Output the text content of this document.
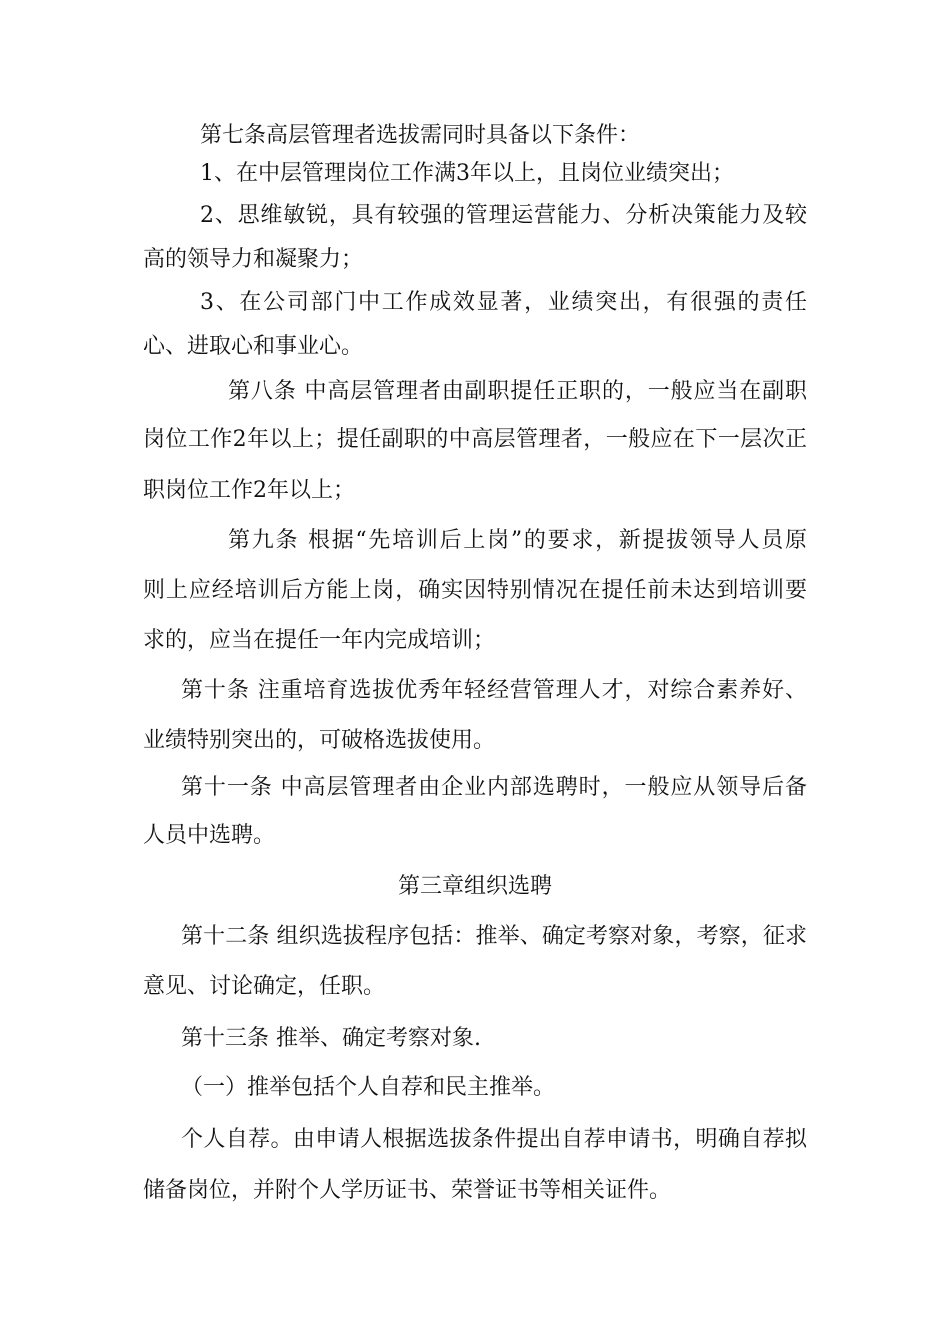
第七条高层管理者选拔需同时具备以下条件：
1、在中层管理岗位工作满3年以上，且岗位业绩突出；
2、思维敏锐，具有较强的管理运营能力、分析决策能力及较
高的领导力和凝聚力；
3、在公司部门中工作成效显著，业绩突出，有很强的责任
心、进取心和事业心。
第八条 中高层管理者由副职提任正职的，一般应当在副职
岗位工作2年以上；提任副职的中高层管理者，一般应在下一层次正
职岗位工作2年以上；
第九条 根据“先培训后上岗”的要求，新提拔领导人员原
则上应经培训后方能上岗，确实因特别情况在提任前未达到培训要
求的，应当在提任一年内完成培训；
第十条 注重培育选拔优秀年轻经营管理人才，对综合素养好、
业绩特别突出的，可破格选拔使用。
第十一条 中高层管理者由企业内部选聘时，一般应从领导后备
人员中选聘。
第三章组织选聘
第十二条 组织选拔程序包括：推举、确定考察对象，考察，征求
意见、讨论确定，任职。
第十三条 推举、确定考察对象.
（一）推举包括个人自荐和民主推举。
个人自荐。由申请人根据选拔条件提出自荐申请书，明确自荐拟
储备岗位，并附个人学历证书、荣誉证书等相关证件。
